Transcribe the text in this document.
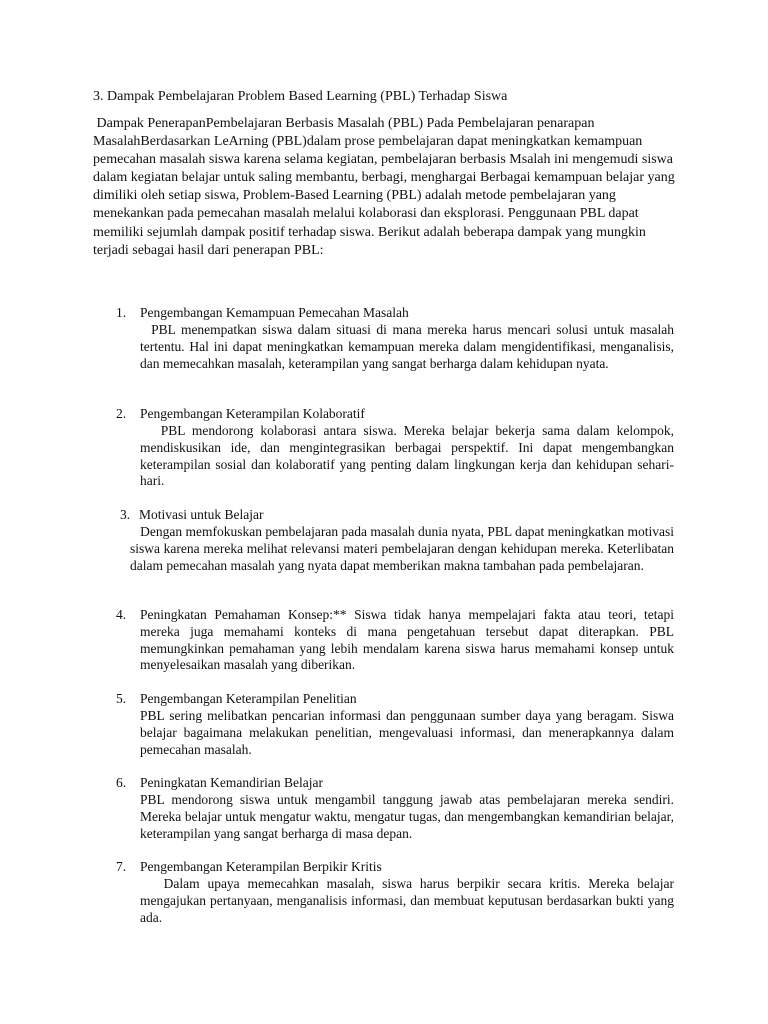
3. Dampak Pembelajaran Problem Based Learning (PBL) Terhadap Siswa
Dampak PenerapanPembelajaran Berbasis Masalah (PBL) Pada Pembelajaran penarapan MasalahBerdasarkan LeArning (PBL)dalam prose pembelajaran dapat meningkatkan kemampuan pemecahan masalah siswa karena selama kegiatan, pembelajaran berbasis Msalah ini mengemudi siswa dalam kegiatan belajar untuk saling membantu, berbagi, menghargai Berbagai kemampuan belajar yang dimiliki oleh setiap siswa, Problem-Based Learning (PBL) adalah metode pembelajaran yang menekankan pada pemecahan masalah melalui kolaborasi dan eksplorasi. Penggunaan PBL dapat memiliki sejumlah dampak positif terhadap siswa. Berikut adalah beberapa dampak yang mungkin terjadi sebagai hasil dari penerapan PBL:
1. Pengembangan Kemampuan Pemecahan Masalah
PBL menempatkan siswa dalam situasi di mana mereka harus mencari solusi untuk masalah tertentu. Hal ini dapat meningkatkan kemampuan mereka dalam mengidentifikasi, menganalisis, dan memecahkan masalah, keterampilan yang sangat berharga dalam kehidupan nyata.
2. Pengembangan Keterampilan Kolaboratif
PBL mendorong kolaborasi antara siswa. Mereka belajar bekerja sama dalam kelompok, mendiskusikan ide, dan mengintegrasikan berbagai perspektif. Ini dapat mengembangkan keterampilan sosial dan kolaboratif yang penting dalam lingkungan kerja dan kehidupan sehari-hari.
3. Motivasi untuk Belajar
Dengan memfokuskan pembelajaran pada masalah dunia nyata, PBL dapat meningkatkan motivasi siswa karena mereka melihat relevansi materi pembelajaran dengan kehidupan mereka. Keterlibatan dalam pemecahan masalah yang nyata dapat memberikan makna tambahan pada pembelajaran.
4. Peningkatan Pemahaman Konsep:** Siswa tidak hanya mempelajari fakta atau teori, tetapi mereka juga memahami konteks di mana pengetahuan tersebut dapat diterapkan. PBL memungkinkan pemahaman yang lebih mendalam karena siswa harus memahami konsep untuk menyelesaikan masalah yang diberikan.
5. Pengembangan Keterampilan Penelitian
PBL sering melibatkan pencarian informasi dan penggunaan sumber daya yang beragam. Siswa belajar bagaimana melakukan penelitian, mengevaluasi informasi, dan menerapkannya dalam pemecahan masalah.
6. Peningkatan Kemandirian Belajar
PBL mendorong siswa untuk mengambil tanggung jawab atas pembelajaran mereka sendiri. Mereka belajar untuk mengatur waktu, mengatur tugas, dan mengembangkan kemandirian belajar, keterampilan yang sangat berharga di masa depan.
7. Pengembangan Keterampilan Berpikir Kritis
Dalam upaya memecahkan masalah, siswa harus berpikir secara kritis. Mereka belajar mengajukan pertanyaan, menganalisis informasi, dan membuat keputusan berdasarkan bukti yang ada.
